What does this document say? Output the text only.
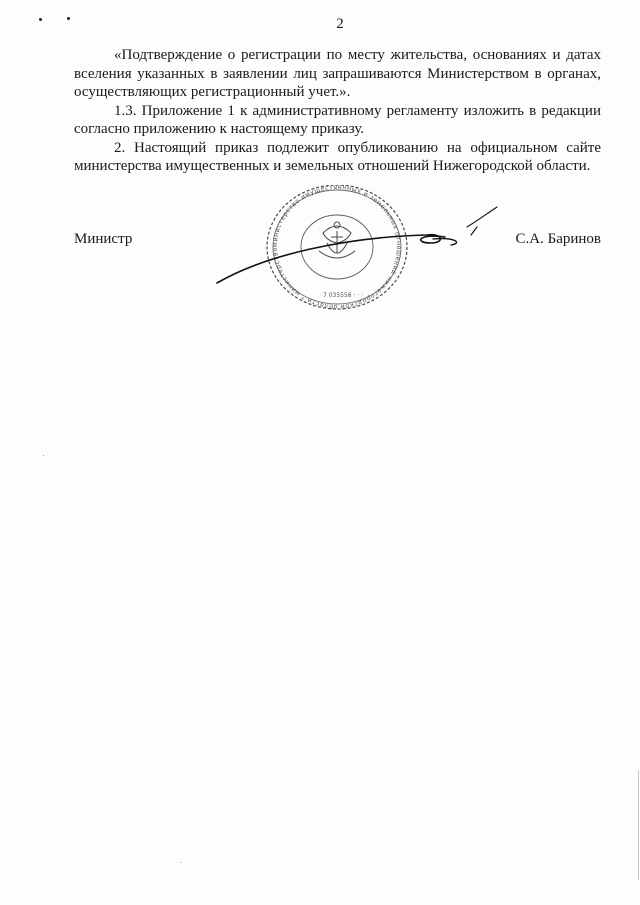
2

«Подтверждение о регистрации по месту жительства, основаниях и датах вселения указанных в заявлении лиц запрашиваются Министерством в органах, осуществляющих регистрационный учет.».

1.3. Приложение 1 к административному регламенту изложить в редакции согласно приложению к настоящему приказу.

2. Настоящий приказ подлежит опубликованию на официальном сайте министерства имущественных и земельных отношений Нижегородской области.

министерство имущественных и земельных отношений нижегородской области * министерство
7 035558 · · ·
Министр	С.А. Баринов
